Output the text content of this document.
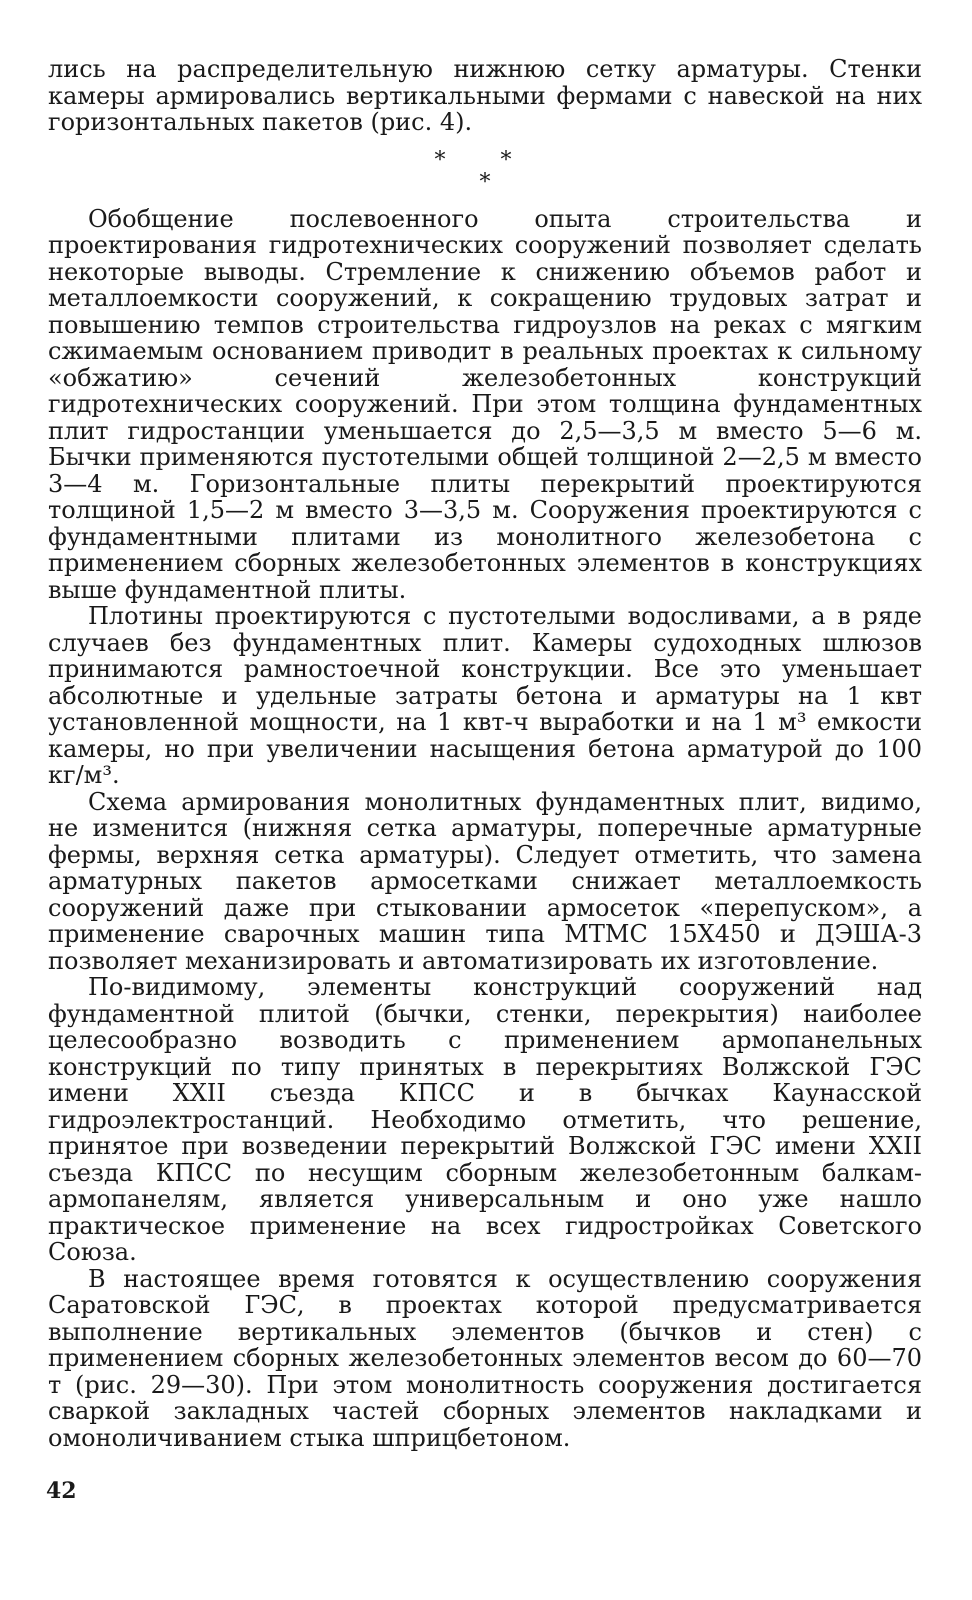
лись на распределительную нижнюю сетку арматуры. Стенки камеры армировались вертикальными фермами с навеской на них горизонтальных пакетов (рис. 4).

* *
*

Обобщение послевоенного опыта строительства и проектирования гидротехнических сооружений позволяет сделать некоторые выводы. Стремление к снижению объемов работ и металлоемкости сооружений, к сокращению трудовых затрат и повышению темпов строительства гидроузлов на реках с мягким сжимаемым основанием приводит в реальных проектах к сильному «обжатию» сечений железобетонных конструкций гидротехнических сооружений. При этом толщина фундаментных плит гидростанции уменьшается до 2,5—3,5 м вместо 5—6 м. Бычки применяются пустотелыми общей толщиной 2—2,5 м вместо 3—4 м. Горизонтальные плиты перекрытий проектируются толщиной 1,5—2 м вместо 3—3,5 м. Сооружения проектируются с фундаментными плитами из монолитного железобетона с применением сборных железобетонных элементов в конструкциях выше фундаментной плиты.

Плотины проектируются с пустотелыми водосливами, а в ряде случаев без фундаментных плит. Камеры судоходных шлюзов принимаются рамностоечной конструкции. Все это уменьшает абсолютные и удельные затраты бетона и арматуры на 1 квт установленной мощности, на 1 квт-ч выработки и на 1 м³ емкости камеры, но при увеличении насыщения бетона арматурой до 100 кг/м³.

Схема армирования монолитных фундаментных плит, видимо, не изменится (нижняя сетка арматуры, поперечные арматурные фермы, верхняя сетка арматуры). Следует отметить, что замена арматурных пакетов армосетками снижает металлоемкость сооружений даже при стыковании армосеток «перепуском», а применение сварочных машин типа МТМС 15Х450 и ДЭША-3 позволяет механизировать и автоматизировать их изготовление.

По-видимому, элементы конструкций сооружений над фундаментной плитой (бычки, стенки, перекрытия) наиболее целесообразно возводить с применением армопанельных конструкций по типу принятых в перекрытиях Волжской ГЭС имени XXII съезда КПСС и в бычках Каунасской гидроэлектростанций. Необходимо отметить, что решение, принятое при возведении перекрытий Волжской ГЭС имени XXII съезда КПСС по несущим сборным железобетонным балкам-армопанелям, является универсальным и оно уже нашло практическое применение на всех гидростройках Советского Союза.

В настоящее время готовятся к осуществлению сооружения Саратовской ГЭС, в проектах которой предусматривается выполнение вертикальных элементов (бычков и стен) с применением сборных железобетонных элементов весом до 60—70 т (рис. 29—30). При этом монолитность сооружения достигается сваркой закладных частей сборных элементов накладками и омоноличиванием стыка шприцбетоном.

42
